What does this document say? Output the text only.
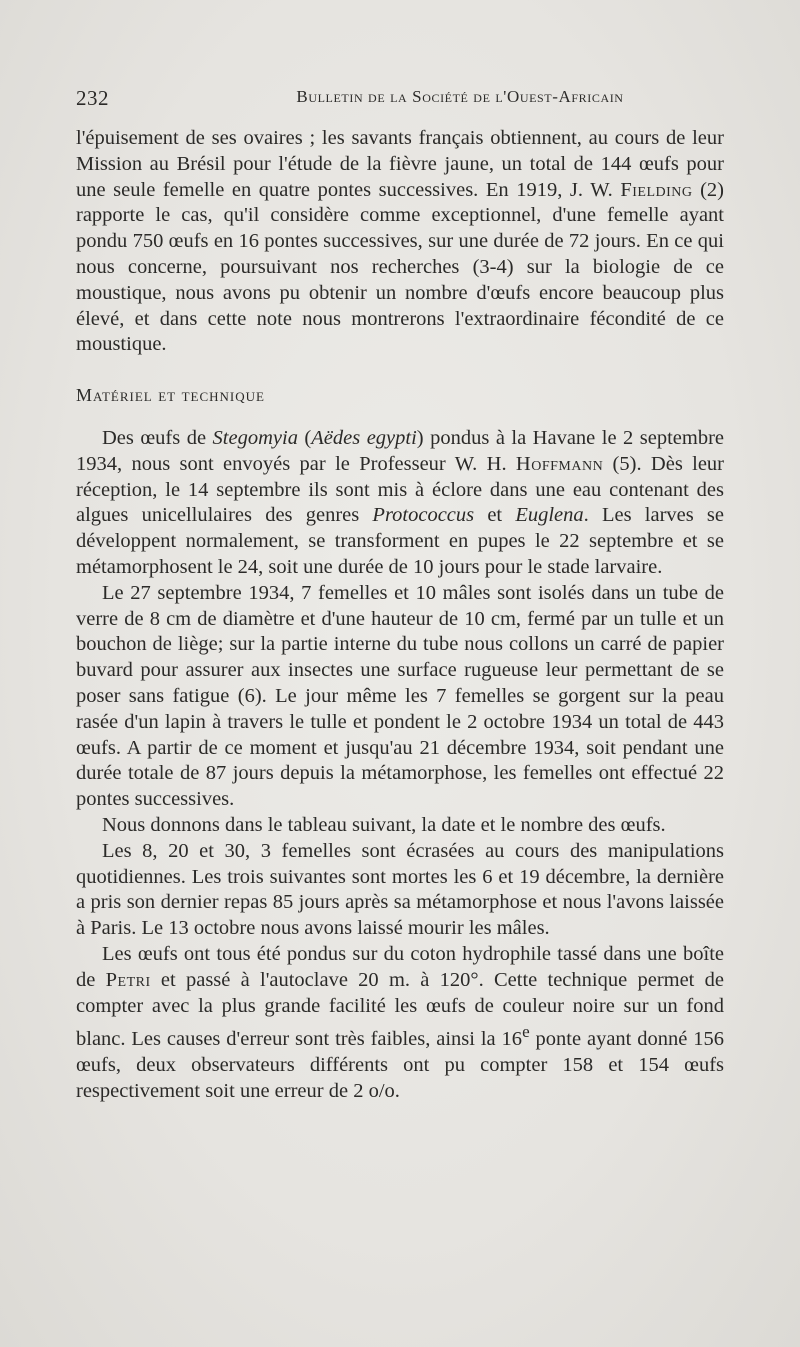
232	Bulletin de la Société de l'Ouest-Africain

l'épuisement de ses ovaires ; les savants français obtiennent, au cours de leur Mission au Brésil pour l'étude de la fièvre jaune, un total de 144 œufs pour une seule femelle en quatre pontes successives. En 1919, J. W. Fielding (2) rapporte le cas, qu'il considère comme exceptionnel, d'une femelle ayant pondu 750 œufs en 16 pontes successives, sur une durée de 72 jours. En ce qui nous concerne, poursuivant nos recherches (3-4) sur la biologie de ce moustique, nous avons pu obtenir un nombre d'œufs encore beaucoup plus élevé, et dans cette note nous montrerons l'extraordinaire fécondité de ce moustique.

Matériel et technique

Des œufs de Stegomyia (Aëdes egypti) pondus à la Havane le 2 septembre 1934, nous sont envoyés par le Professeur W. H. Hoffmann (5). Dès leur réception, le 14 septembre ils sont mis à éclore dans une eau contenant des algues unicellulaires des genres Protococcus et Euglena. Les larves se développent normalement, se transforment en pupes le 22 septembre et se métamorphosent le 24, soit une durée de 10 jours pour le stade larvaire.

Le 27 septembre 1934, 7 femelles et 10 mâles sont isolés dans un tube de verre de 8 cm de diamètre et d'une hauteur de 10 cm, fermé par un tulle et un bouchon de liège; sur la partie interne du tube nous collons un carré de papier buvard pour assurer aux insectes une surface rugueuse leur permettant de se poser sans fatigue (6). Le jour même les 7 femelles se gorgent sur la peau rasée d'un lapin à travers le tulle et pondent le 2 octobre 1934 un total de 443 œufs. A partir de ce moment et jusqu'au 21 décembre 1934, soit pendant une durée totale de 87 jours depuis la métamorphose, les femelles ont effectué 22 pontes successives.

Nous donnons dans le tableau suivant, la date et le nombre des œufs.

Les 8, 20 et 30, 3 femelles sont écrasées au cours des manipulations quotidiennes. Les trois suivantes sont mortes les 6 et 19 décembre, la dernière a pris son dernier repas 85 jours après sa métamorphose et nous l'avons laissée à Paris. Le 13 octobre nous avons laissé mourir les mâles.

Les œufs ont tous été pondus sur du coton hydrophile tassé dans une boîte de Petri et passé à l'autoclave 20 m. à 120°. Cette technique permet de compter avec la plus grande facilité les œufs de couleur noire sur un fond blanc. Les causes d'erreur sont très faibles, ainsi la 16e ponte ayant donné 156 œufs, deux observateurs différents ont pu compter 158 et 154 œufs respectivement soit une erreur de 2 o/o.
